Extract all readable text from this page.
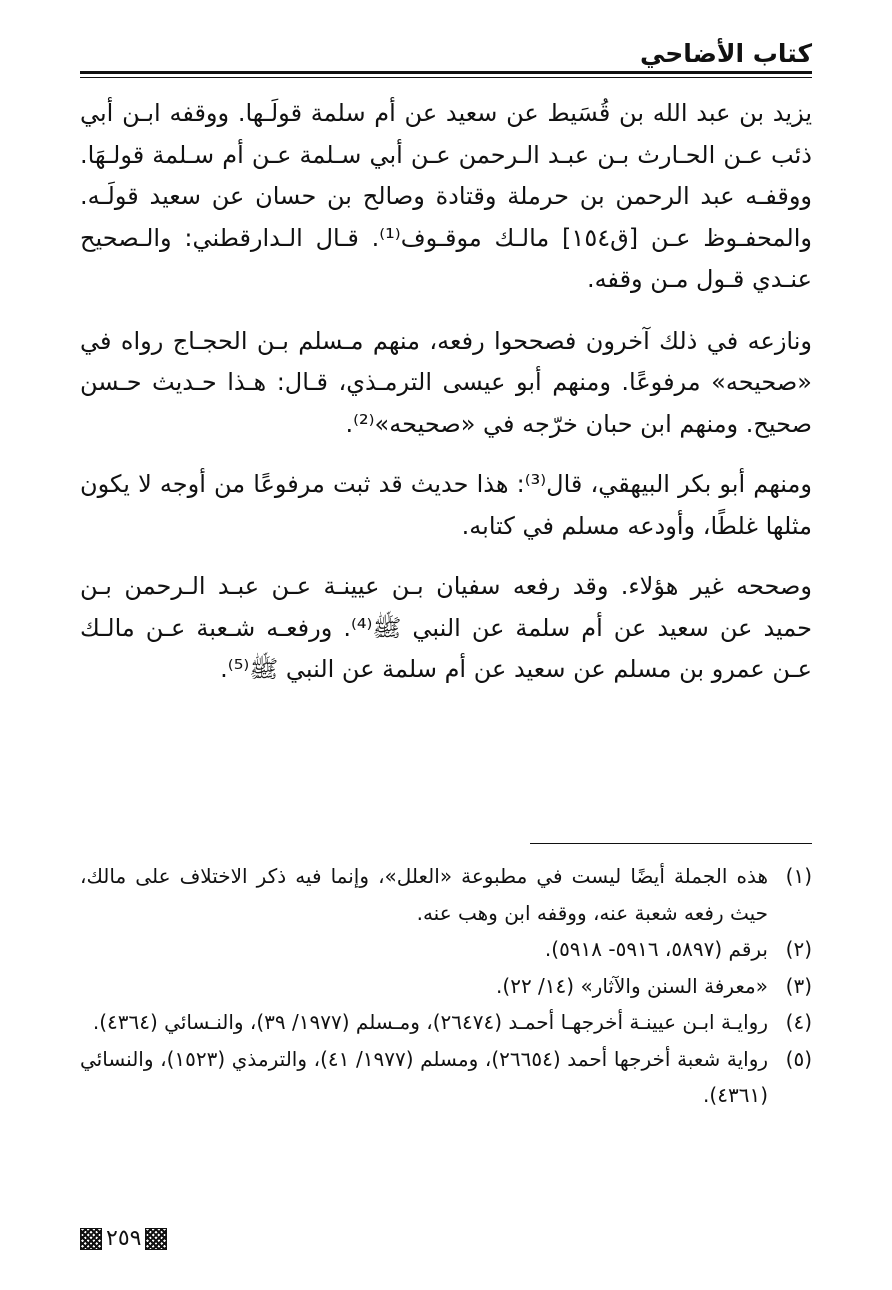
كتاب الأضاحي

يزيد بن عبد الله بن قُسَيط عن سعيد عن أم سلمة قولَـها. ووقفه ابـن أبي ذئب عـن الحـارث بـن عبـد الـرحمن عـن أبي سـلمة عـن أم سـلمة قولـهَا. ووقفـه عبد الرحمن بن حرملة وقتادة وصالح بن حسان عن سعيد قولَـه. والمحفـوظ عـن [ق١٥٤] مالـك موقـوف⁽¹⁾. قـال الـدارقطني: والـصحيح عنـدي قـول مـن وقفه.

ونازعه في ذلك آخرون فصححوا رفعه، منهم مـسلم بـن الحجـاج رواه في «صحيحه» مرفوعًا. ومنهم أبو عيسى الترمـذي، قـال: هـذا حـديث حـسن صحيح. ومنهم ابن حبان خرّجه في «صحيحه»⁽²⁾.

ومنهم أبو بكر البيهقي، قال⁽³⁾: هذا حديث قد ثبت مرفوعًا من أوجه لا يكون مثلها غلطًا، وأودعه مسلم في كتابه.

وصححه غير هؤلاء. وقد رفعه سفيان بـن عيينـة عـن عبـد الـرحمن بـن حميد عن سعيد عن أم سلمة عن النبي ﷺ⁽⁴⁾. ورفعـه شـعبة عـن مالـك عـن عمرو بن مسلم عن سعيد عن أم سلمة عن النبي ﷺ⁽⁵⁾.

(١)
هذه الجملة أيضًا ليست في مطبوعة «العلل»، وإنما فيه ذكر الاختلاف على مالك، حيث رفعه شعبة عنه، ووقفه ابن وهب عنه.
(٢)
برقم (٥٨٩٧، ٥٩١٦- ٥٩١٨).
(٣)
«معرفة السنن والآثار» (١٤/ ٢٢).
(٤)
روايـة ابـن عيينـة أخرجهـا أحمـد (٢٦٤٧٤)، ومـسلم (١٩٧٧/ ٣٩)، والنـسائي (٤٣٦٤).
(٥)
رواية شعبة أخرجها أحمد (٢٦٦٥٤)، ومسلم (١٩٧٧/ ٤١)، والترمذي (١٥٢٣)، والنسائي (٤٣٦١).
٢٥٩
